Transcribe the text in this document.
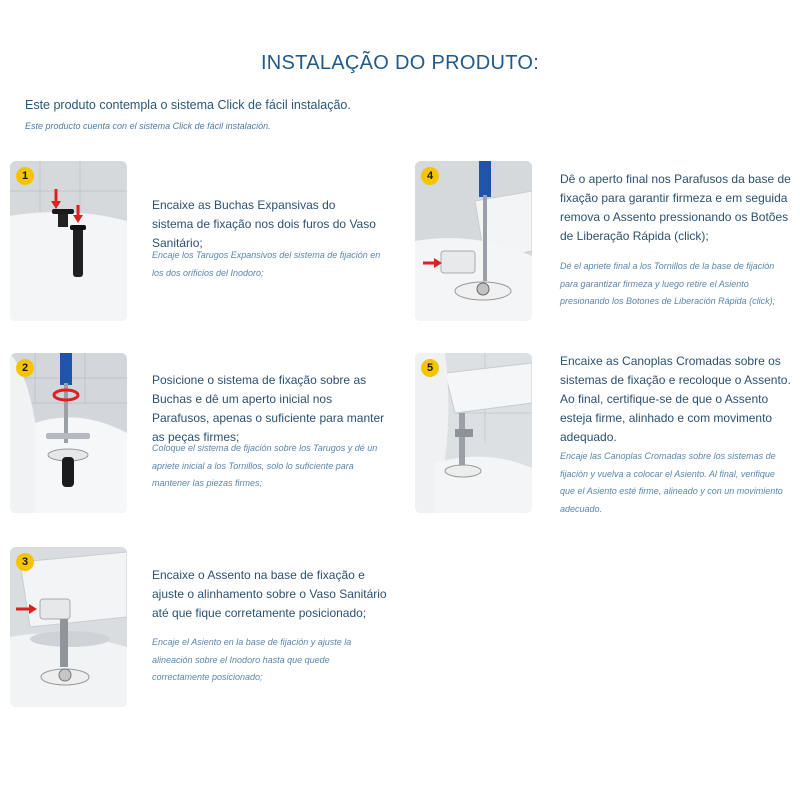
INSTALAÇÃO DO PRODUTO:
Este produto contempla o sistema Click de fácil instalação.
Este producto cuenta con el sistema Click de fácil instalación.
1
Encaixe as Buchas Expansivas do sistema de fixação nos dois furos do Vaso Sanitário;
Encaje los Tarugos Expansivos del sistema de fijación en los dos orificios del Inodoro;
2
Posicione o sistema de fixação sobre as Buchas e dê um aperto inicial nos Parafusos, apenas o suficiente para manter as peças firmes;
Coloque el sistema de fijación sobre los Tarugos y dé un apriete inicial a los Tornillos, solo lo suficiente para mantener las piezas firmes;
3
Encaixe o Assento na base de fixação e ajuste o alinhamento sobre o Vaso Sanitário até que fique corretamente posicionado;
Encaje el Asiento en la base de fijación y ajuste la alineación sobre el Inodoro hasta que quede correctamente posicionado;
4	Dê o aperto final nos Parafusos da base de fixação para garantir firmeza e em seguida remova o Assento pressionando os Botões de Liberação Rápida (click);
Dé el apriete final a los Tornillos de la base de fijación para garantizar firmeza y luego retire el Asiento presionando los Botones de Liberación Rápida (click);
5	Encaixe as Canoplas Cromadas sobre os sistemas de fixação e recoloque o Assento. Ao final, certifique-se de que o Assento esteja firme, alinhado e com movimento adequado.
Encaje las Canoplas Cromadas sobre los sistemas de fijación y vuelva a colocar el Asiento. Al final, verifique que el Asiento esté firme, alineado y con un movimiento adecuado.
